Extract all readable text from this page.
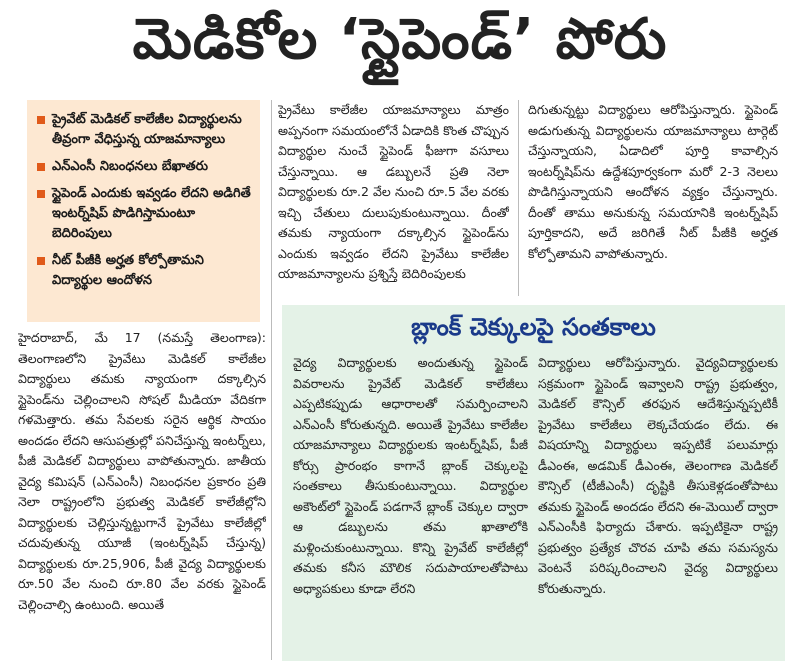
మెడికోల ‘స్టైపెండ్’ పోరు
ప్రైవేట్ మెడికల్ కాలేజీల విద్యార్థులను తీవ్రంగా వేధిస్తున్న యాజమాన్యాలు
ఎన్ఎంసీ నిబంధనలు బేఖాతరు
స్టైపెండ్ ఎందుకు ఇవ్వడం లేదని అడిగితే ఇంటర్న్‌షిప్ పొడిగిస్తామంటూ బెదిరింపులు
నీట్ పీజీకి అర్హత కోల్పోతామని విద్యార్థుల ఆందోళన

హైదరాబాద్, మే 17 (నమస్తే తెలంగాణ): తెలంగాణలోని ప్రైవేటు మెడికల్ కాలేజీల విద్యార్థులు తమకు న్యాయంగా దక్కాల్సిన స్టైపెండ్‌ను చెల్లించాలని సోషల్ మీడియా వేదికగా గళమెత్తారు. తమ సేవలకు సరైన ఆర్థిక సాయం అందడం లేదని ఆసుపత్రుల్లో పనిచేస్తున్న ఇంటర్న్‌లు, పీజీ మెడికల్ విద్యార్థులు వాపోతున్నారు. జాతీయ వైద్య కమిషన్ (ఎన్ఎంసీ) నిబంధనల ప్రకారం ప్రతి నెలా రాష్ట్రంలోని ప్రభుత్వ మెడికల్ కాలేజీల్లోని విద్యార్థులకు చెల్లిస్తున్నట్టుగానే ప్రైవేటు కాలేజీల్లో చదువుతున్న యూజీ (ఇంటర్న్‌షిప్ చేస్తున్న) విద్యార్థులకు రూ.25,906, పీజీ వైద్య విద్యార్థులకు రూ.50 వేల నుంచి రూ.80 వేల వరకు స్టైపెండ్ చెల్లించాల్సి ఉంటుంది. అయితే

ప్రైవేటు కాలేజీల యాజమాన్యాలు మాత్రం అప్పనంగా సమయంలోనే ఏడాదికి కొంత చొప్పున విద్యార్థుల నుంచే స్టైపెండ్ ఫీజుగా వసూలు చేస్తున్నాయి. ఆ డబ్బులనే ప్రతి నెలా విద్యార్థులకు రూ.2 వేల నుంచి రూ.5 వేల వరకు ఇచ్చి చేతులు దులుపుకుంటున్నాయి. దీంతో తమకు న్యాయంగా దక్కాల్సిన స్టైపెండ్‌ను ఎందుకు ఇవ్వడం లేదని ప్రైవేటు కాలేజీల యాజమాన్యాలను ప్రశ్నిస్తే బెదిరింపులకు

దిగుతున్నట్టు విద్యార్థులు ఆరోపిస్తున్నారు. స్టైపెండ్ అడుగుతున్న విద్యార్థులను యాజమాన్యాలు టార్గెట్ చేస్తున్నాయని, ఏడాదిలో పూర్తి కావాల్సిన ఇంటర్న్‌షిప్‌ను ఉద్దేశపూర్వకంగా మరో 2-3 నెలలు పొడిగిస్తున్నాయని ఆందోళన వ్యక్తం చేస్తున్నారు. దీంతో తాము అనుకున్న సమయానికి ఇంటర్న్‌షిప్ పూర్తికాదని, అదే జరిగితే నీట్ పీజీకి అర్హత కోల్పోతామని వాపోతున్నారు.

బ్లాంక్ చెక్కులపై సంతకాలు

వైద్య విద్యార్థులకు అందుతున్న స్టైపెండ్ వివరాలను ప్రైవేట్ మెడికల్ కాలేజీలు ఎప్పటికప్పుడు ఆధారాలతో సమర్పించాలని ఎన్ఎంసీ కోరుతున్నది. అయితే ప్రైవేటు కాలేజీల యాజమాన్యాలు విద్యార్థులకు ఇంటర్న్‌షిప్, పీజీ కోర్సు ప్రారంభం కాగానే బ్లాంక్ చెక్కులపై సంతకాలు తీసుకుంటున్నాయి. విద్యార్థుల అకౌంట్‌లో స్టైపెండ్ పడగానే బ్లాంక్ చెక్కుల ద్వారా ఆ డబ్బులను తమ ఖాతాలోకి మళ్లించుకుంటున్నాయి. కొన్ని ప్రైవేట్ కాలేజీల్లో తమకు కనీస మౌలిక సదుపాయాలతోపాటు అధ్యాపకులు కూడా లేరని

విద్యార్థులు ఆరోపిస్తున్నారు. వైద్యవిద్యార్థులకు సక్రమంగా స్టైపెండ్ ఇవ్వాలని రాష్ట్ర ప్రభుత్వం, మెడికల్ కౌన్సిల్ తరఫున ఆదేశిస్తున్నప్పటికీ ప్రైవేటు కాలేజీలు లెక్కచేయడం లేదు. ఈ విషయాన్ని విద్యార్థులు ఇప్పటికే పలుమార్లు డీఎంఈ, అడమిక్ డీఎంఈ, తెలంగాణ మెడికల్ కౌన్సిల్ (టీజీఎంసీ) దృష్టికి తీసుకెళ్లడంతోపాటు తమకు స్టైపెండ్ అందడం లేదని ఈ-మెయిల్ ద్వారా ఎన్ఎంసీకి ఫిర్యాదు చేశారు. ఇప్పటికైనా రాష్ట్ర ప్రభుత్వం ప్రత్యేక చొరవ చూపి తమ సమస్యను వెంటనే పరిష్కరించాలని వైద్య విద్యార్థులు కోరుతున్నారు.
